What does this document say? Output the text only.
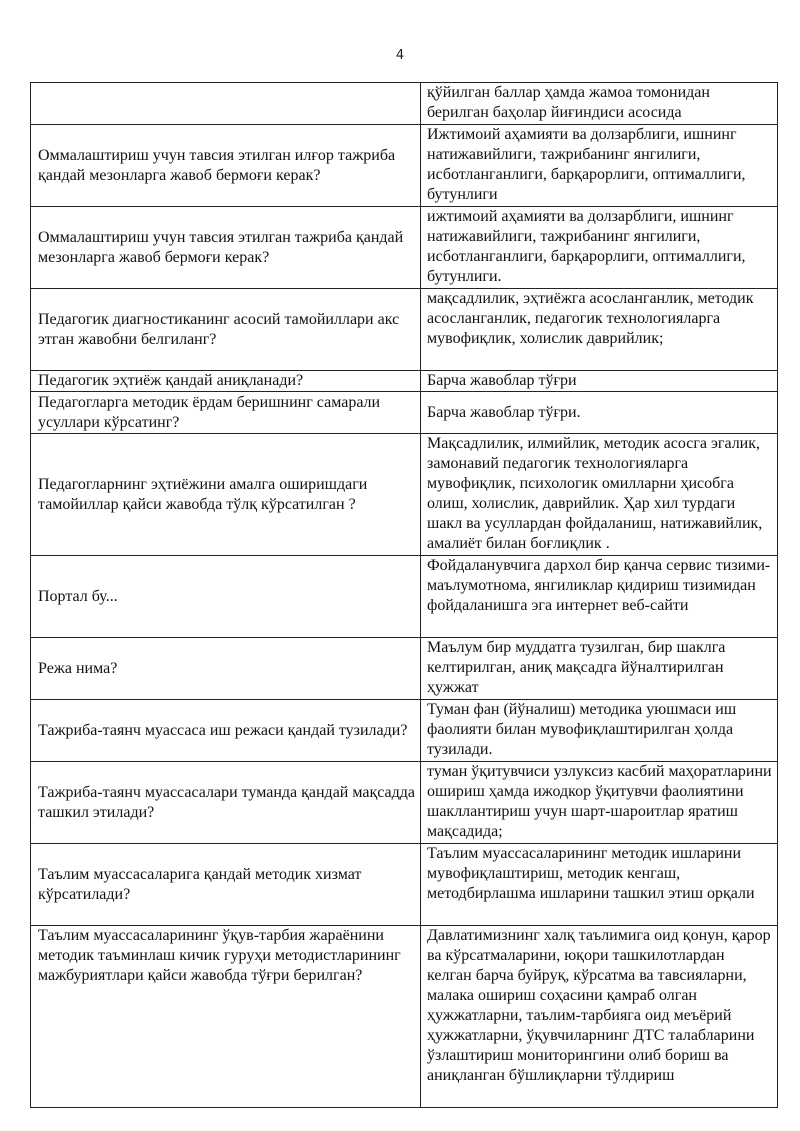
4
	қўйилган баллар ҳамда жамоа томонидан берилган баҳолар йиғиндиси асосида
Оммалаштириш учун тавсия этилган илғор тажриба қандай мезонларга жавоб бермоғи керак?	Ижтимоий аҳамияти ва долзарблиги, ишнинг натижавийлиги, тажрибанинг янгилиги, исботланганлиги, барқарорлиги, оптималлиги, бутунлиги
Оммалаштириш учун тавсия этилган тажриба қандай мезонларга жавоб бермоғи керак?	ижтимоий аҳамияти ва долзарблиги, ишнинг натижавийлиги, тажрибанинг янгилиги, исботланганлиги, барқарорлиги, оптималлиги, бутунлиги.
Педагогик диагностиканинг асосий тамойиллари акс этган жавобни белгиланг?	мақсадлилик, эҳтиёжга асосланганлик, методик асосланганлик, педагогик технологияларга мувофиқлик, холислик даврийлик;
Педагогик эҳтиёж қандай аниқланади?	Барча жавоблар тўғри
Педагогларга методик ёрдам беришнинг самарали усуллари кўрсатинг?	Барча жавоблар тўғри.
Педагогларнинг эҳтиёжини амалга оширишдаги тамойиллар қайси жавобда тўлқ кўрсатилган ?	Мақсадлилик, илмийлик, методик асосга эгалик, замонавий педагогик технологияларга мувофиқлик, психологик омилларни ҳисобга олиш, холислик, даврийлик. Ҳар хил турдаги шакл ва усуллардан фойдаланиш, натижавийлик, амалиёт билан боғлиқлик .
Портал бу...	Фойдаланувчига дархол бир қанча сервис тизими-маълумотнома, янгиликлар қидириш тизимидан фойдаланишга эга интернет веб-сайти
Режа нима?	Маълум бир муддатга тузилган, бир шаклга келтирилган, аниқ мақсадга йўналтирилган ҳужжат
Тажриба-таянч муассаса иш режаси қандай тузилади?	Туман фан (йўналиш) методика уюшмаси иш фаолияти билан мувофиқлаштирилган ҳолда тузилади.
Тажриба-таянч муассасалари туманда қандай мақсадда ташкил этилади?	туман ўқитувчиси узлуксиз касбий маҳоратларини ошириш ҳамда ижодкор ўқитувчи фаолиятини шакллантириш учун шарт-шароитлар яратиш мақсадида;
Таълим муассасаларига қандай методик хизмат кўрсатилади?	Таълим муассасаларининг методик ишларини мувофиқлаштириш, методик кенгаш, методбирлашма ишларини ташкил этиш орқали
Таълим муассасаларининг ўқув-тарбия жараёнини методик таъминлаш кичик гуруҳи методистларининг мажбуриятлари қайси жавобда тўғри берилган?	Давлатимизнинг халқ таълимига оид қонун, қарор ва кўрсатмаларини, юқори ташкилотлардан келган барча буйруқ, кўрсатма ва тавсияларни, малака ошириш соҳасини қамраб олган ҳужжатларни, таълим-тарбияга оид меъёрий ҳужжатларни, ўқувчиларнинг ДТС талабларини ўзлаштириш мониторингини олиб бориш ва аниқланган бўшлиқларни тўлдириш
